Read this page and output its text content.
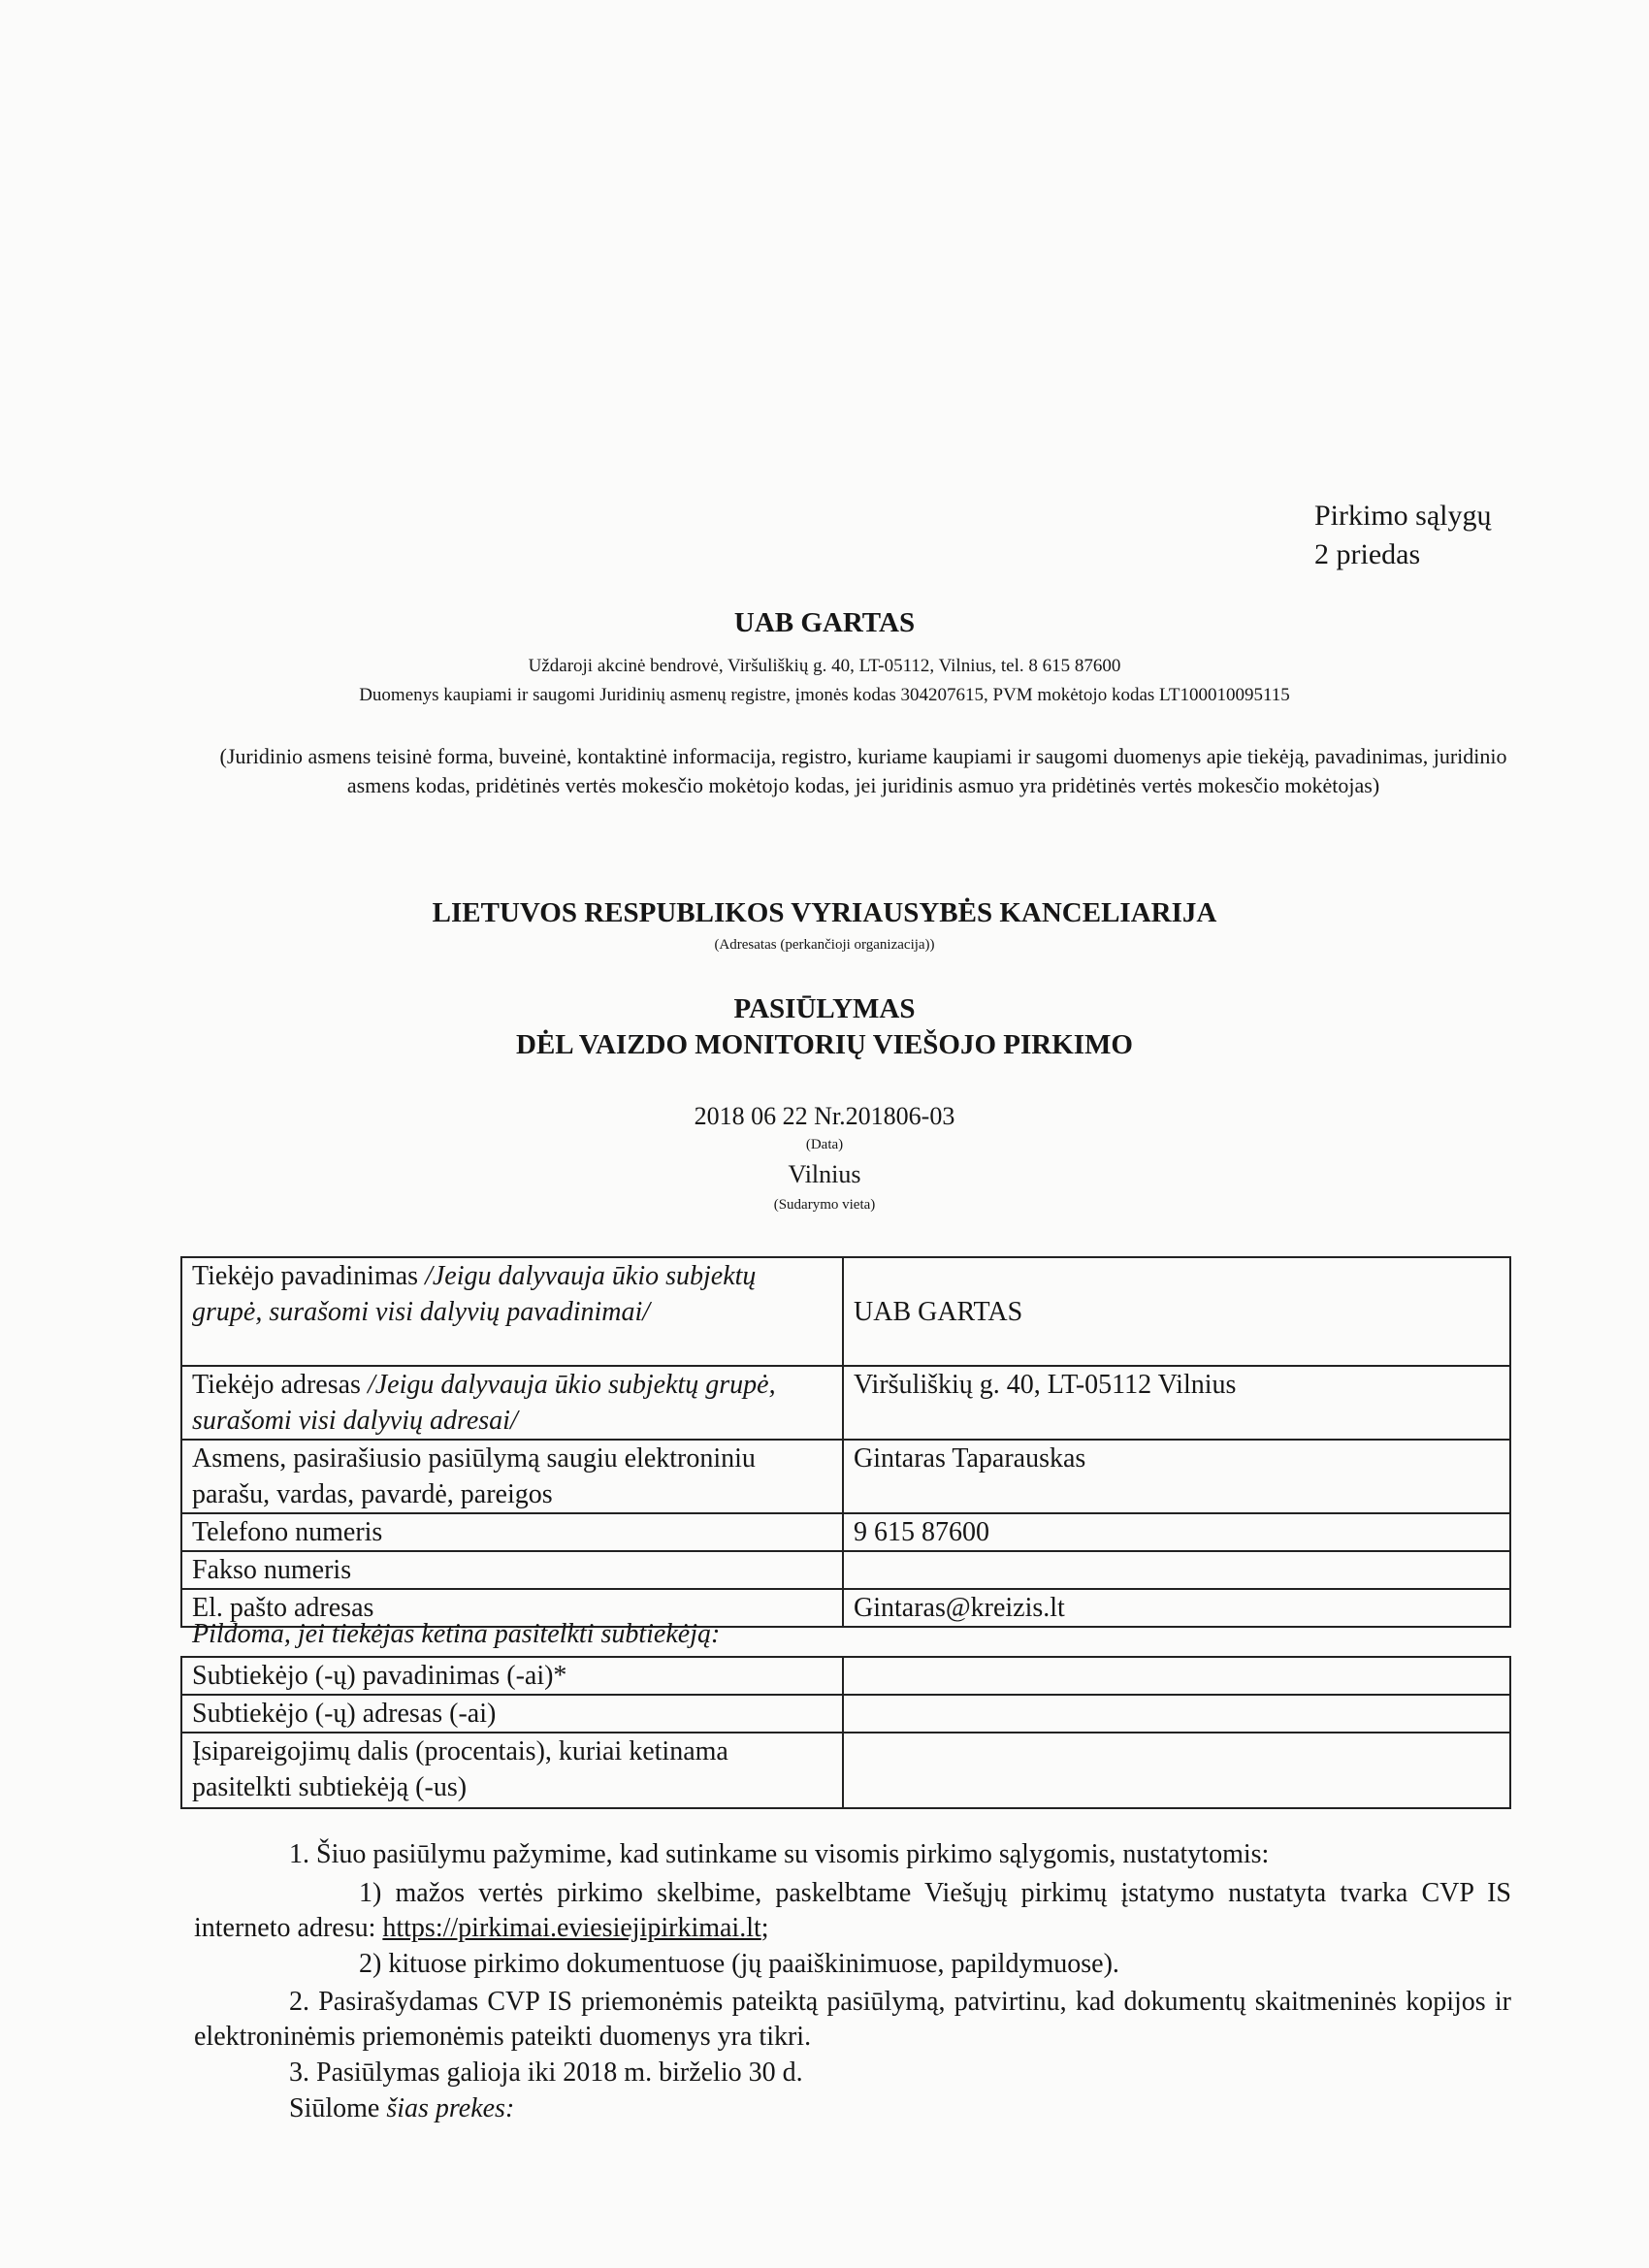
Pirkimo sąlygų
2 priedas
UAB GARTAS
Uždaroji akcinė bendrovė, Viršuliškių g. 40, LT-05112, Vilnius, tel. 8 615 87600
Duomenys kaupiami ir saugomi Juridinių asmenų registre, įmonės kodas 304207615, PVM mokėtojo kodas LT100010095115
(Juridinio asmens teisinė forma, buveinė, kontaktinė informacija, registro, kuriame kaupiami ir saugomi duomenys apie tiekėją, pavadinimas, juridinio asmens kodas, pridėtinės vertės mokesčio mokėtojo kodas, jei juridinis asmuo yra pridėtinės vertės mokesčio mokėtojas)
LIETUVOS RESPUBLIKOS VYRIAUSYBĖS KANCELIARIJA
(Adresatas (perkančioji organizacija))
PASIŪLYMAS
DĖL VAIZDO MONITORIŲ VIEŠOJO PIRKIMO
2018 06 22 Nr.201806-03
(Data)
Vilnius
(Sudarymo vieta)
Tiekėjo pavadinimas /Jeigu dalyvauja ūkio subjektų grupė, surašomi visi dalyvių pavadinimai/	UAB GARTAS
Tiekėjo adresas /Jeigu dalyvauja ūkio subjektų grupė, surašomi visi dalyvių adresai/	Viršuliškių g. 40, LT-05112 Vilnius
Asmens, pasirašiusio pasiūlymą saugiu elektroniniu parašu, vardas, pavardė, pareigos	Gintaras Taparauskas
Telefono numeris	9 615 87600
Fakso numeris	
El. pašto adresas	Gintaras@kreizis.lt
Pildoma, jei tiekėjas ketina pasitelkti subtiekėją:
Subtiekėjo (-ų) pavadinimas (-ai)*	
Subtiekėjo (-ų) adresas (-ai)	
Įsipareigojimų dalis (procentais), kuriai ketinama pasitelkti subtiekėją (-us)	
1. Šiuo pasiūlymu pažymime, kad sutinkame su visomis pirkimo sąlygomis, nustatytomis:
1) mažos vertės pirkimo skelbime, paskelbtame Viešųjų pirkimų įstatymo nustatyta tvarka CVP IS interneto adresu: https://pirkimai.eviesiejipirkimai.lt;
2) kituose pirkimo dokumentuose (jų paaiškinimuose, papildymuose).
2. Pasirašydamas CVP IS priemonėmis pateiktą pasiūlymą, patvirtinu, kad dokumentų skaitmeninės kopijos ir elektroninėmis priemonėmis pateikti duomenys yra tikri.
3. Pasiūlymas galioja iki 2018 m. birželio 30 d.
Siūlome šias prekes:
